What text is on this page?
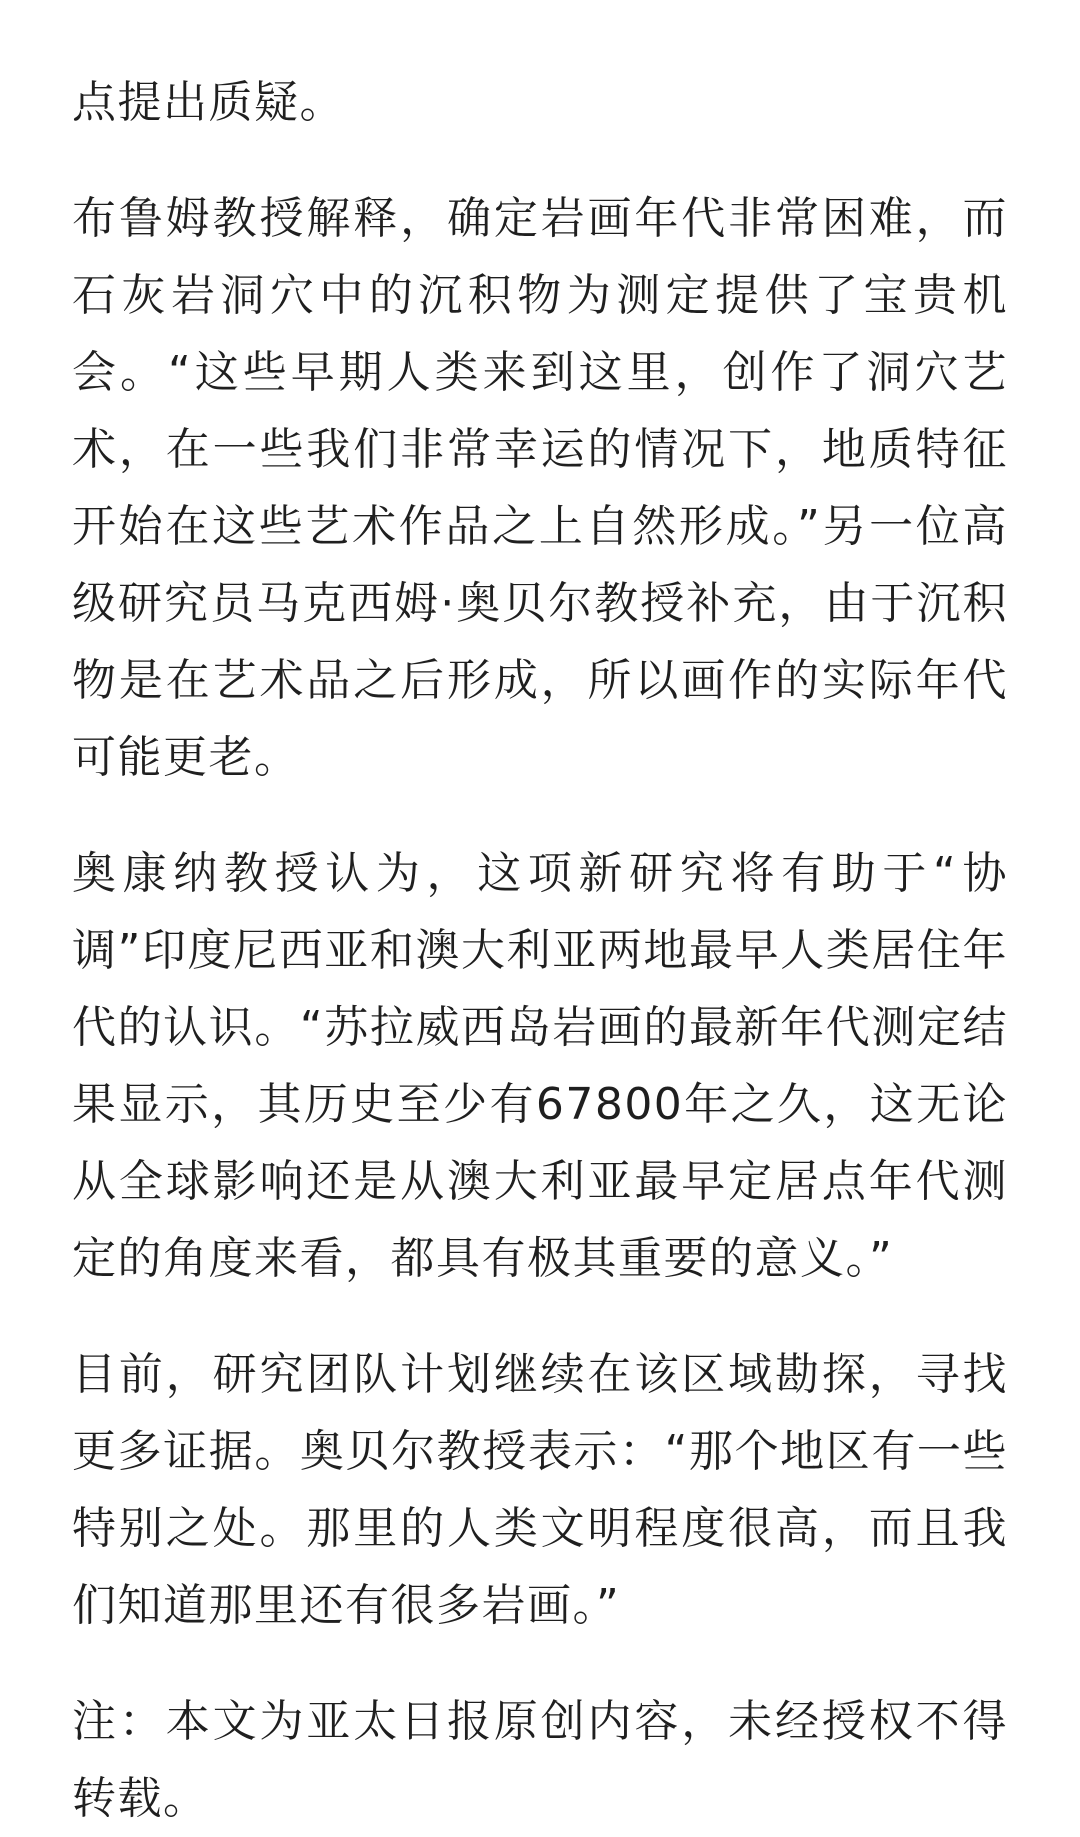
点提出质疑。

布鲁姆教授解释，确定岩画年代非常困难，而石灰岩洞穴中的沉积物为测定提供了宝贵机会。“这些早期人类来到这里，创作了洞穴艺术，在一些我们非常幸运的情况下，地质特征开始在这些艺术作品之上自然形成。”另一位高级研究员马克西姆·奥贝尔教授补充，由于沉积物是在艺术品之后形成，所以画作的实际年代可能更老。

奥康纳教授认为，这项新研究将有助于“协调”印度尼西亚和澳大利亚两地最早人类居住年代的认识。“苏拉威西岛岩画的最新年代测定结果显示，其历史至少有67800年之久，这无论从全球影响还是从澳大利亚最早定居点年代测定的角度来看，都具有极其重要的意义。”

目前，研究团队计划继续在该区域勘探，寻找更多证据。奥贝尔教授表示：“那个地区有一些特别之处。那里的人类文明程度很高，而且我们知道那里还有很多岩画。”

注：本文为亚太日报原创内容，未经授权不得转载。
